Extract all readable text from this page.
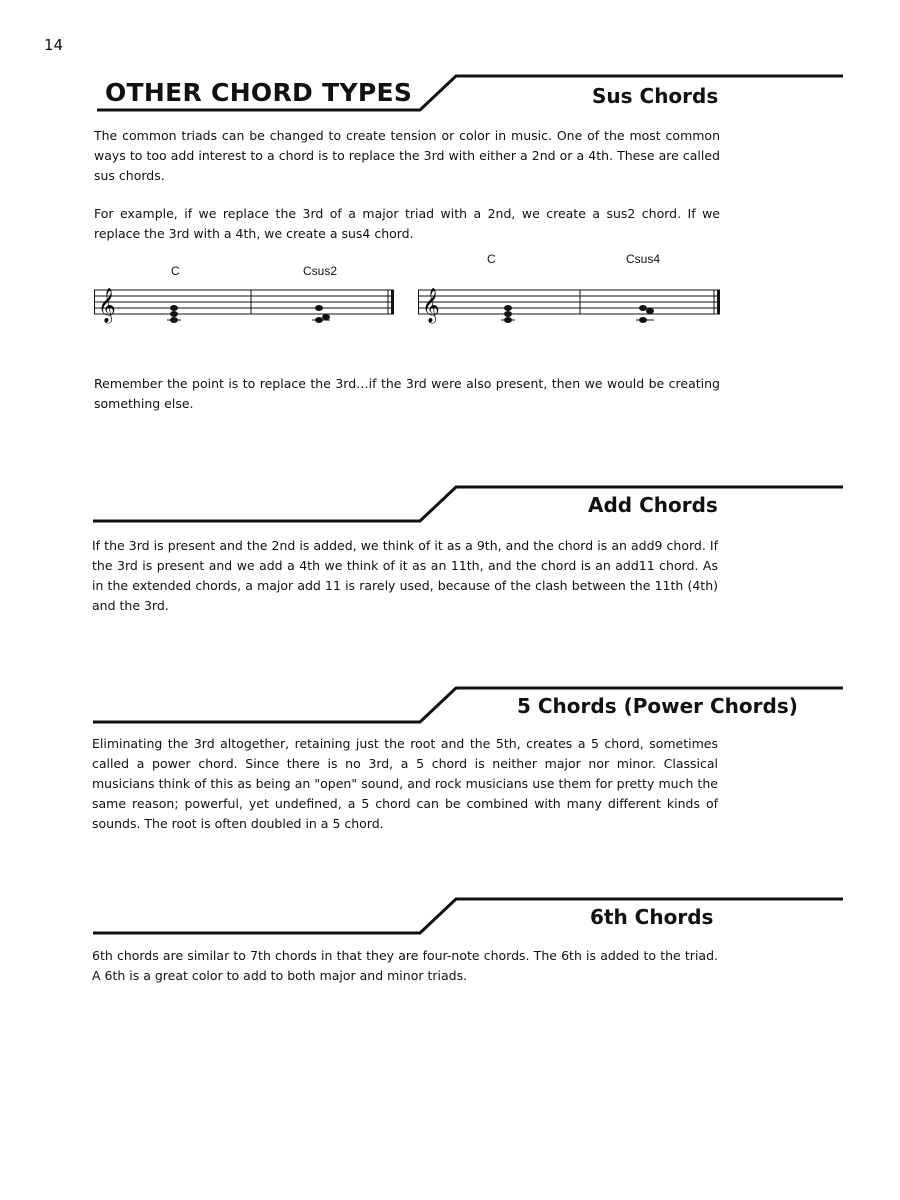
14
OTHER CHORD TYPES	Sus Chords

The common triads can be changed to create tension or color in music. One of the most common ways to too add interest to a chord is to replace the 3rd with either a 2nd or a 4th. These are called sus chords.

For example, if we replace the 3rd of a major triad with a 2nd, we create a sus2 chord. If we replace the 3rd with a 4th, we create a sus4 chord.

C	Csus2
C	Csus4
𝄞	𝄞

Remember the point is to replace the 3rd…if the 3rd were also present, then we would be creating something else.

Add Chords

If the 3rd is present and the 2nd is added, we think of it as a 9th, and the chord is an add9 chord. If the 3rd is present and we add a 4th we think of it as an 11th, and the chord is an add11 chord. As in the extended chords, a major add 11 is rarely used, because of the clash between the 11th (4th) and the 3rd.

5 Chords (Power Chords)

Eliminating the 3rd altogether, retaining just the root and the 5th, creates a 5 chord, sometimes called a power chord. Since there is no 3rd, a 5 chord is neither major nor minor. Classical musicians think of this as being an "open" sound, and rock musicians use them for pretty much the same reason; powerful, yet undefined, a 5 chord can be combined with many different kinds of sounds. The root is often doubled in a 5 chord.

6th Chords

6th chords are similar to 7th chords in that they are four-note chords. The 6th is added to the triad. A 6th is a great color to add to both major and minor triads.
